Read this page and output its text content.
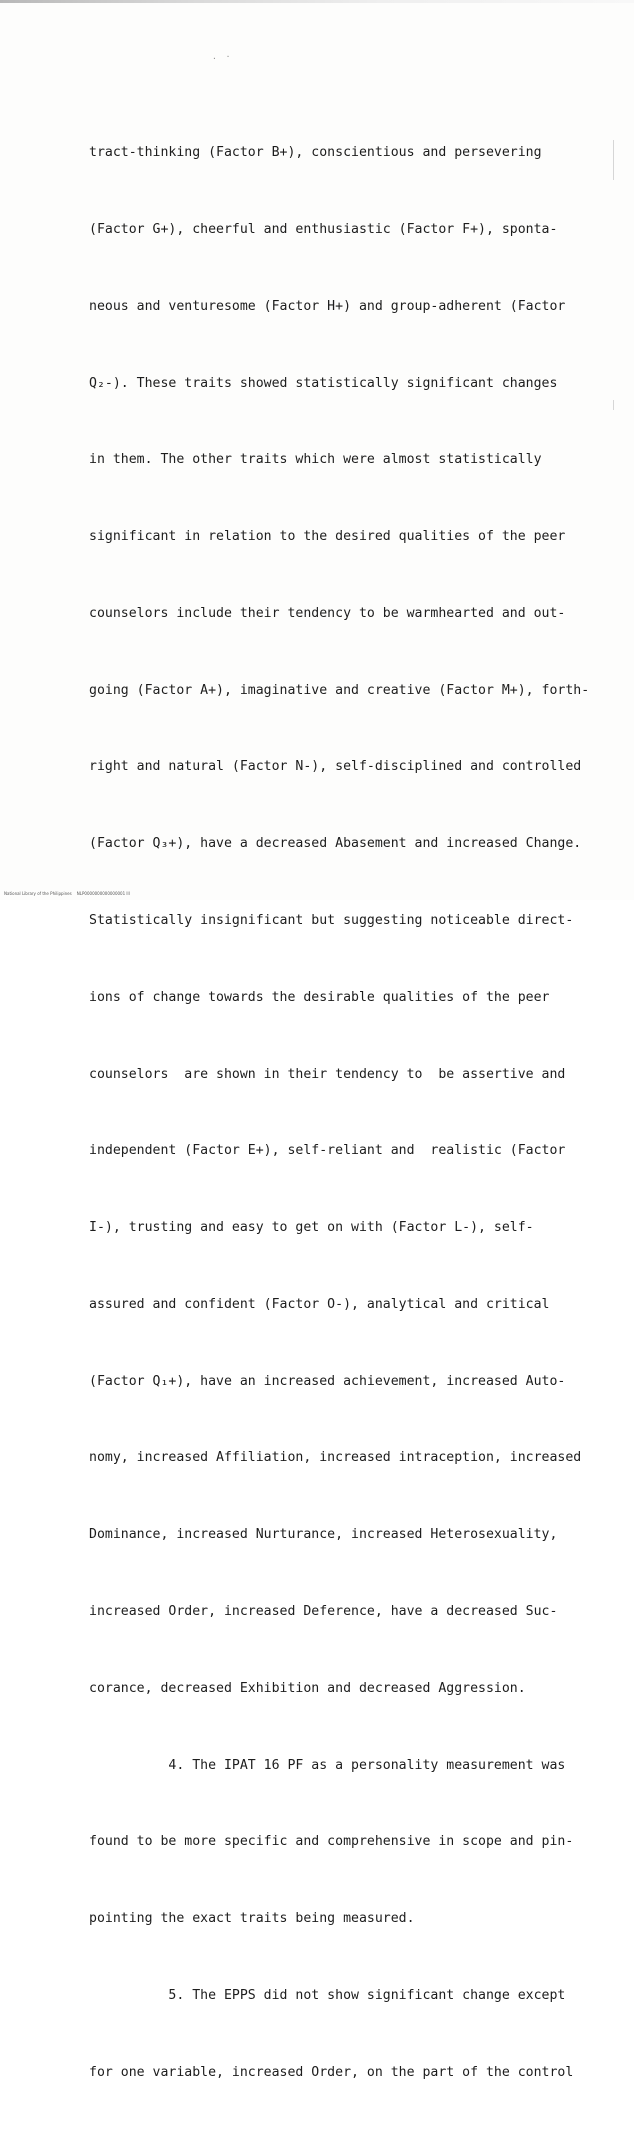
. ·

tract-thinking (Factor B+), conscientious and persevering

(Factor G+), cheerful and enthusiastic (Factor F+), sponta-

neous and venturesome (Factor H+) and group-adherent (Factor

Q₂-). These traits showed statistically significant changes

in them. The other traits which were almost statistically

significant in relation to the desired qualities of the peer

counselors include their tendency to be warmhearted and out-

going (Factor A+), imaginative and creative (Factor M+), forth-

right and natural (Factor N-), self-disciplined and controlled

(Factor Q₃+), have a decreased Abasement and increased Change.

Statistically insignificant but suggesting noticeable direct-

ions of change towards the desirable qualities of the peer

counselors  are shown in their tendency to  be assertive and

independent (Factor E+), self-reliant and  realistic (Factor

I-), trusting and easy to get on with (Factor L-), self-

assured and confident (Factor O-), analytical and critical

(Factor Q₁+), have an increased achievement, increased Auto-

nomy, increased Affiliation, increased intraception, increased

Dominance, increased Nurturance, increased Heterosexuality,

increased Order, increased Deference, have a decreased Suc-

corance, decreased Exhibition and decreased Aggression.

4. The IPAT 16 PF as a personality measurement was

found to be more specific and comprehensive in scope and pin-

pointing the exact traits being measured.

5. The EPPS did not show significant change except

for one variable, increased Order, on the part of the control

National Library of the Philippines    NLP0000000000000001 lll
